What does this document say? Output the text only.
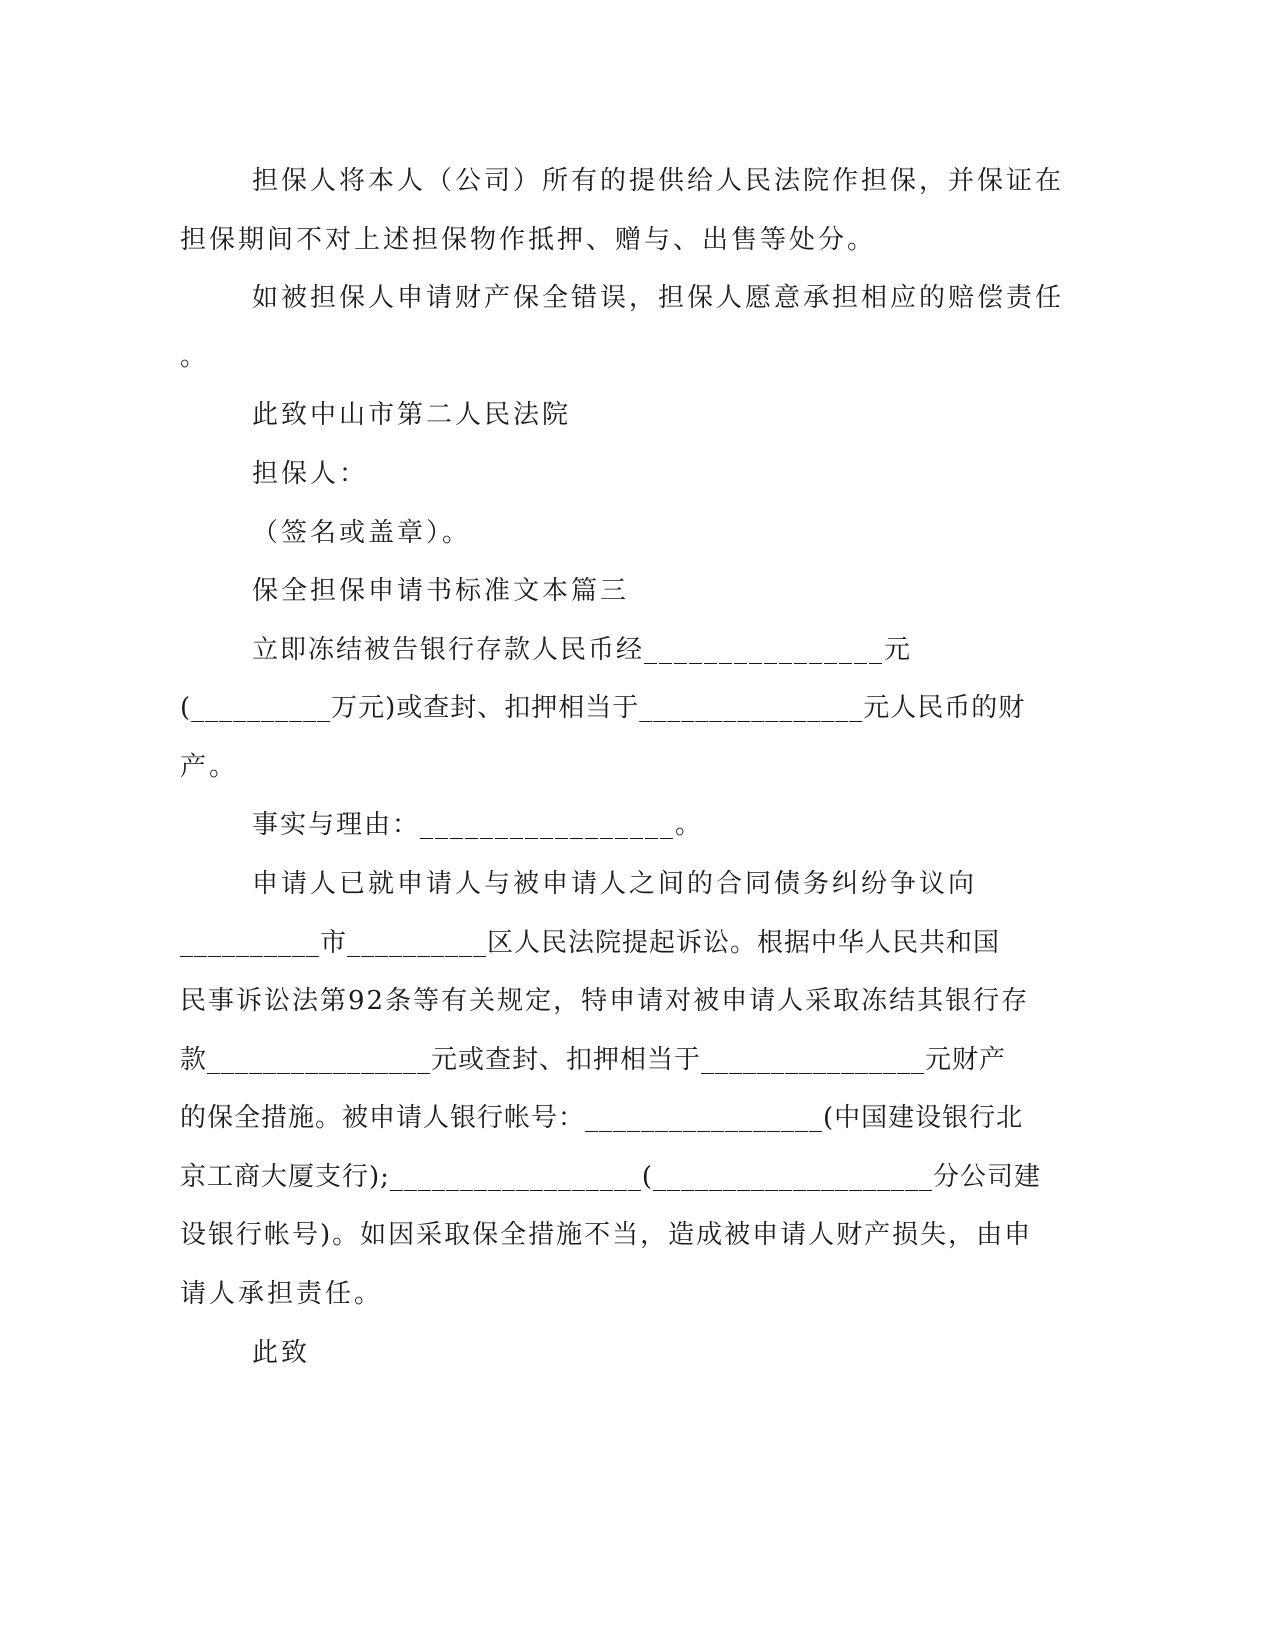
担保人将本人（公司）所有的提供给人民法院作担保，并保证在
担保期间不对上述担保物作抵押、赠与、出售等处分。
如被担保人申请财产保全错误，担保人愿意承担相应的赔偿责任
。
此致中山市第二人民法院
担保人：
（签名或盖章）。
保全担保申请书标准文本篇三
立即冻结被告银行存款人民币经________________元
(__________万元)或查封、扣押相当于________________元人民币的财
产。
事实与理由：_________________。
申请人已就申请人与被申请人之间的合同债务纠纷争议向
__________市__________区人民法院提起诉讼。根据中华人民共和国
民事诉讼法第92条等有关规定，特申请对被申请人采取冻结其银行存
款________________元或查封、扣押相当于________________元财产
的保全措施。被申请人银行帐号：_________________(中国建设银行北
京工商大厦支行);__________________(____________________分公司建
设银行帐号)。如因采取保全措施不当，造成被申请人财产损失，由申
请人承担责任。
此致
